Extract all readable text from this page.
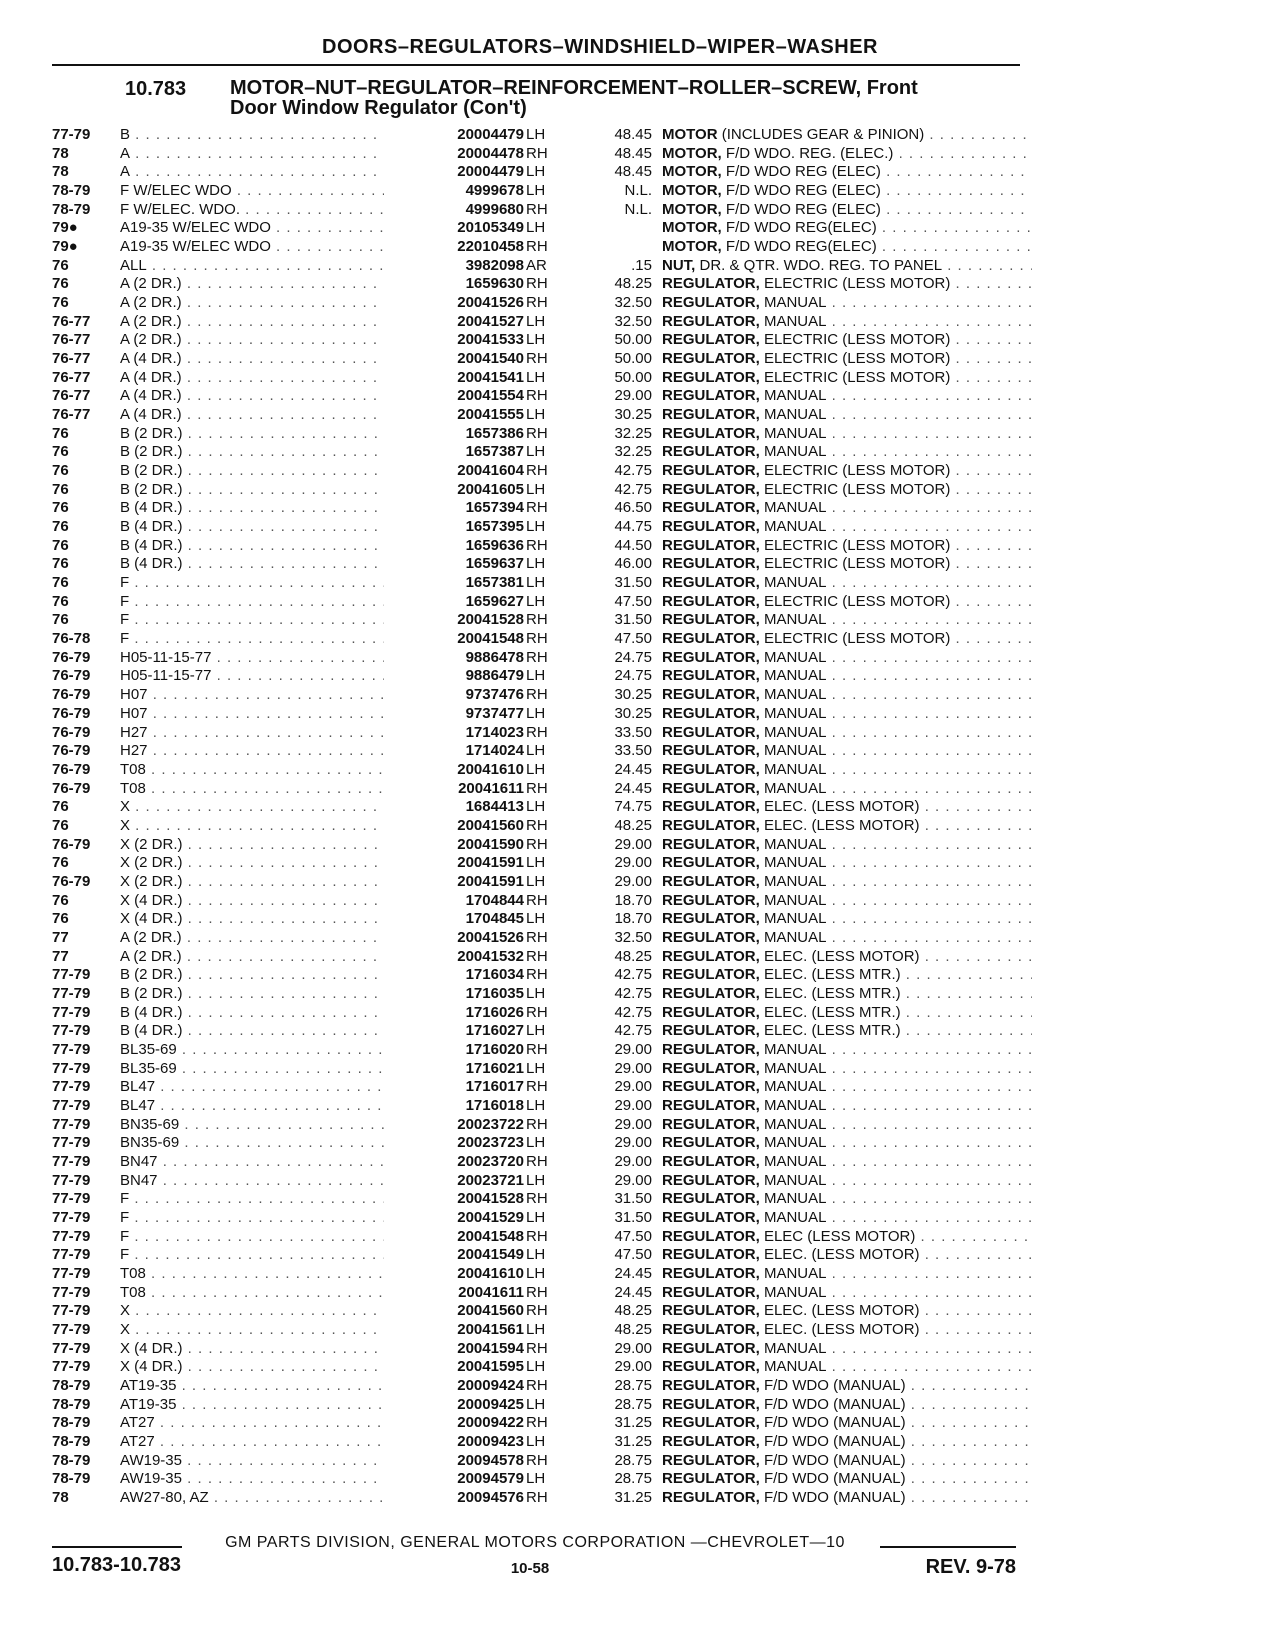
DOORS–REGULATORS–WINDSHIELD–WIPER–WASHER
10.783 MOTOR–NUT–REGULATOR–REINFORCEMENT–ROLLER–SCREW, Front
Door Window Regulator (Con't)
77-79	B . . .	20004479 LH	48.45 MOTOR (INCLUDES GEAR & PINION) . . .
78	A . . .	20004478 RH	48.45 MOTOR, F/D WDO. REG. (ELEC.) . . .
78	A . . .	20004479 LH	48.45 MOTOR, F/D WDO REG (ELEC) . . .
78-79	F W/ELEC WDO . . .	4999678 LH	N.L. MOTOR, F/D WDO REG (ELEC) . . .
78-79	F W/ELEC. WDO. . . .	4999680 RH	N.L. MOTOR, F/D WDO REG (ELEC) . . .
79●	A19-35 W/ELEC WDO . . .	20105349 LH	MOTOR, F/D WDO REG(ELEC) . . .
79●	A19-35 W/ELEC WDO . . .	22010458 RH	MOTOR, F/D WDO REG(ELEC) . . .
76	ALL . . .	3982098 AR	.15 NUT, DR. & QTR. WDO. REG. TO PANEL . . .
76	A (2 DR.) . . .	1659630 RH	48.25 REGULATOR, ELECTRIC (LESS MOTOR) . . .
76	A (2 DR.) . . .	20041526 RH	32.50 REGULATOR, MANUAL . . .
76-77	A (2 DR.) . . .	20041527 LH	32.50 REGULATOR, MANUAL . . .
76-77	A (2 DR.) . . .	20041533 LH	50.00 REGULATOR, ELECTRIC (LESS MOTOR) . . .
76-77	A (4 DR.) . . .	20041540 RH	50.00 REGULATOR, ELECTRIC (LESS MOTOR) . . .
76-77	A (4 DR.) . . .	20041541 LH	50.00 REGULATOR, ELECTRIC (LESS MOTOR) . . .
76-77	A (4 DR.) . . .	20041554 RH	29.00 REGULATOR, MANUAL . . .
76-77	A (4 DR.) . . .	20041555 LH	30.25 REGULATOR, MANUAL . . .
76	B (2 DR.) . . .	1657386 RH	32.25 REGULATOR, MANUAL . . .
76	B (2 DR.) . . .	1657387 LH	32.25 REGULATOR, MANUAL . . .
76	B (2 DR.) . . .	20041604 RH	42.75 REGULATOR, ELECTRIC (LESS MOTOR) . . .
76	B (2 DR.) . . .	20041605 LH	42.75 REGULATOR, ELECTRIC (LESS MOTOR) . . .
76	B (4 DR.) . . .	1657394 RH	46.50 REGULATOR, MANUAL . . .
76	B (4 DR.) . . .	1657395 LH	44.75 REGULATOR, MANUAL . . .
76	B (4 DR.) . . .	1659636 RH	44.50 REGULATOR, ELECTRIC (LESS MOTOR) . . .
76	B (4 DR.) . . .	1659637 LH	46.00 REGULATOR, ELECTRIC (LESS MOTOR) . . .
76	F . . .	1657381 LH	31.50 REGULATOR, MANUAL . . .
76	F . . .	1659627 LH	47.50 REGULATOR, ELECTRIC (LESS MOTOR) . . .
76	F . . .	20041528 RH	31.50 REGULATOR, MANUAL . . .
76-78	F . . .	20041548 RH	47.50 REGULATOR, ELECTRIC (LESS MOTOR) . . .
76-79	H05-11-15-77 . . .	9886478 RH	24.75 REGULATOR, MANUAL . . .
76-79	H05-11-15-77 . . .	9886479 LH	24.75 REGULATOR, MANUAL . . .
76-79	H07 . . .	9737476 RH	30.25 REGULATOR, MANUAL . . .
76-79	H07 . . .	9737477 LH	30.25 REGULATOR, MANUAL . . .
76-79	H27 . . .	1714023 RH	33.50 REGULATOR, MANUAL . . .
76-79	H27 . . .	1714024 LH	33.50 REGULATOR, MANUAL . . .
76-79	T08 . . .	20041610 LH	24.45 REGULATOR, MANUAL . . .
76-79	T08 . . .	20041611 RH	24.45 REGULATOR, MANUAL . . .
76	X . . .	1684413 LH	74.75 REGULATOR, ELEC. (LESS MOTOR) . . .
76	X . . .	20041560 RH	48.25 REGULATOR, ELEC. (LESS MOTOR) . . .
76-79	X (2 DR.) . . .	20041590 RH	29.00 REGULATOR, MANUAL . . .
76	X (2 DR.) . . .	20041591 LH	29.00 REGULATOR, MANUAL . . .
76-79	X (2 DR.) . . .	20041591 LH	29.00 REGULATOR, MANUAL . . .
76	X (4 DR.) . . .	1704844 RH	18.70 REGULATOR, MANUAL . . .
76	X (4 DR.) . . .	1704845 LH	18.70 REGULATOR, MANUAL . . .
77	A (2 DR.) . . .	20041526 RH	32.50 REGULATOR, MANUAL . . .
77	A (2 DR.) . . .	20041532 RH	48.25 REGULATOR, ELEC. (LESS MOTOR) . . .
77-79	B (2 DR.) . . .	1716034 RH	42.75 REGULATOR, ELEC. (LESS MTR.) . . .
77-79	B (2 DR.) . . .	1716035 LH	42.75 REGULATOR, ELEC. (LESS MTR.) . . .
77-79	B (4 DR.) . . .	1716026 RH	42.75 REGULATOR, ELEC. (LESS MTR.) . . .
77-79	B (4 DR.) . . .	1716027 LH	42.75 REGULATOR, ELEC. (LESS MTR.) . . .
77-79	BL35-69 . . .	1716020 RH	29.00 REGULATOR, MANUAL . . .
77-79	BL35-69 . . .	1716021 LH	29.00 REGULATOR, MANUAL . . .
77-79	BL47 . . .	1716017 RH	29.00 REGULATOR, MANUAL . . .
77-79	BL47 . . .	1716018 LH	29.00 REGULATOR, MANUAL . . .
77-79	BN35-69 . . .	20023722 RH	29.00 REGULATOR, MANUAL . . .
77-79	BN35-69 . . .	20023723 LH	29.00 REGULATOR, MANUAL . . .
77-79	BN47 . . .	20023720 RH	29.00 REGULATOR, MANUAL . . .
77-79	BN47 . . .	20023721 LH	29.00 REGULATOR, MANUAL . . .
77-79	F . . .	20041528 RH	31.50 REGULATOR, MANUAL . . .
77-79	F . . .	20041529 LH	31.50 REGULATOR, MANUAL . . .
77-79	F . . .	20041548 RH	47.50 REGULATOR, ELEC (LESS MOTOR) . . .
77-79	F . . .	20041549 LH	47.50 REGULATOR, ELEC. (LESS MOTOR) . . .
77-79	T08 . . .	20041610 LH	24.45 REGULATOR, MANUAL . . .
77-79	T08 . . .	20041611 RH	24.45 REGULATOR, MANUAL . . .
77-79	X . . .	20041560 RH	48.25 REGULATOR, ELEC. (LESS MOTOR) . . .
77-79	X . . .	20041561 LH	48.25 REGULATOR, ELEC. (LESS MOTOR) . . .
77-79	X (4 DR.) . . .	20041594 RH	29.00 REGULATOR, MANUAL . . .
77-79	X (4 DR.) . . .	20041595 LH	29.00 REGULATOR, MANUAL . . .
78-79	AT19-35 . . .	20009424 RH	28.75 REGULATOR, F/D WDO (MANUAL) . . .
78-79	AT19-35 . . .	20009425 LH	28.75 REGULATOR, F/D WDO (MANUAL) . . .
78-79	AT27 . . .	20009422 RH	31.25 REGULATOR, F/D WDO (MANUAL) . . .
78-79	AT27 . . .	20009423 LH	31.25 REGULATOR, F/D WDO (MANUAL) . . .
78-79	AW19-35 . . .	20094578 RH	28.75 REGULATOR, F/D WDO (MANUAL) . . .
78-79	AW19-35 . . .	20094579 LH	28.75 REGULATOR, F/D WDO (MANUAL) . . .
78	AW27-80, AZ . . .	20094576 RH	31.25 REGULATOR, F/D WDO (MANUAL) . . .
GM PARTS DIVISION, GENERAL MOTORS CORPORATION —CHEVROLET—10
10.783-10.783	10-58	REV. 9-78
